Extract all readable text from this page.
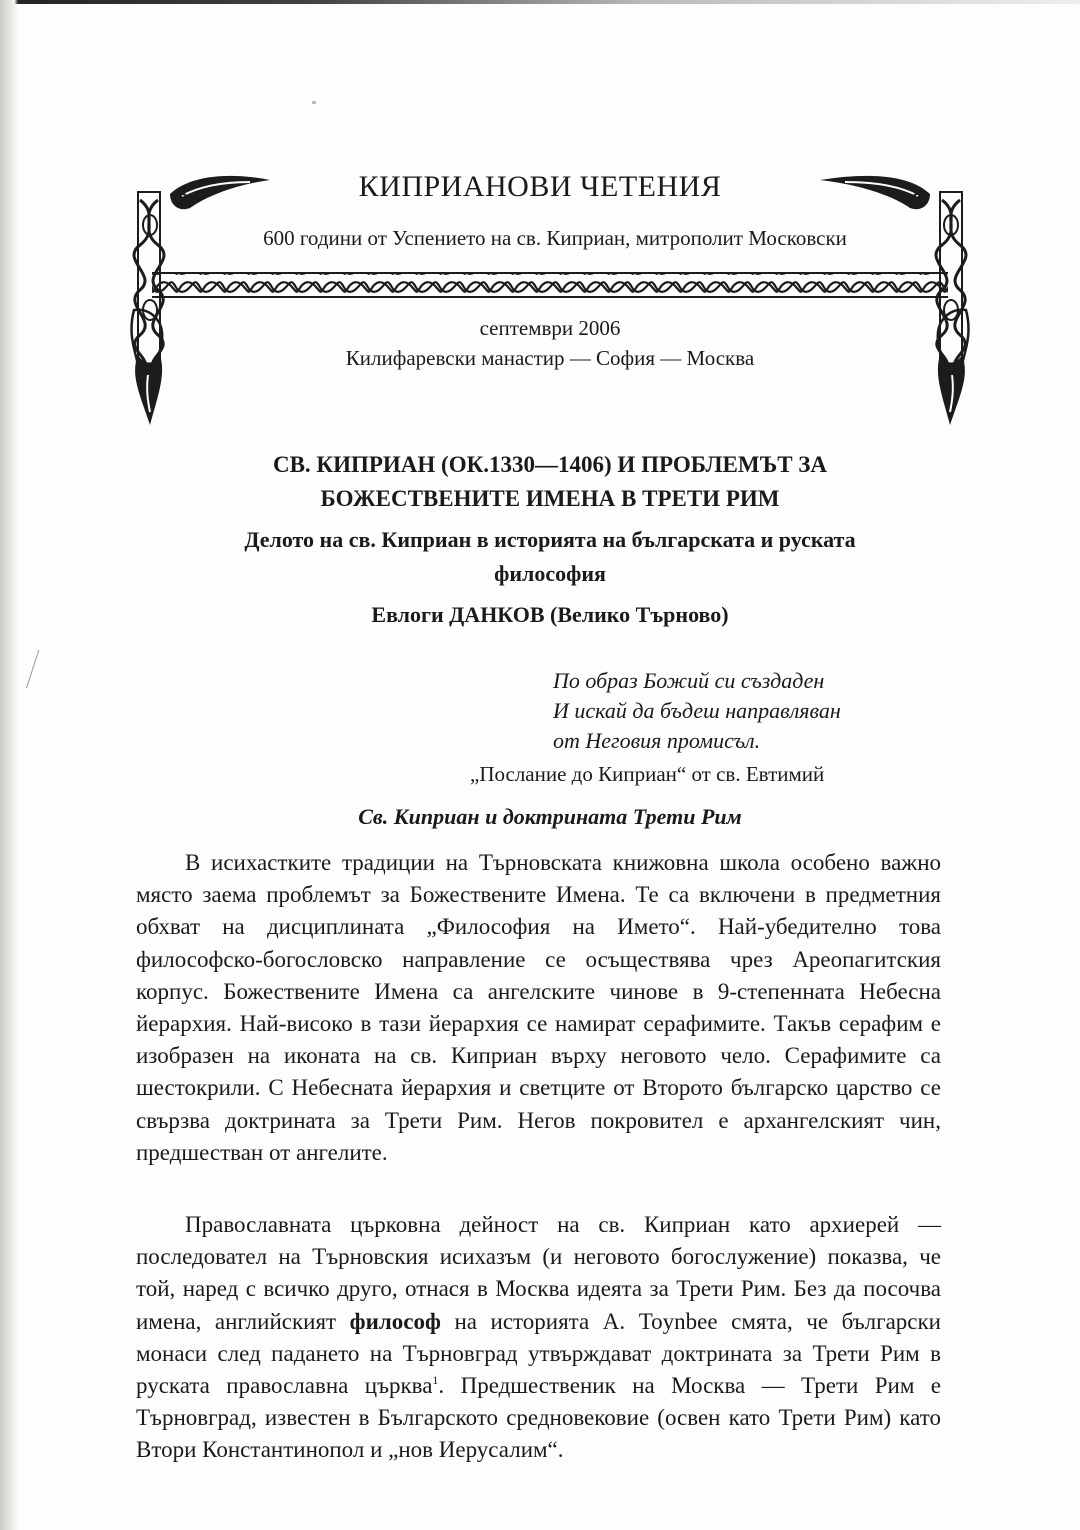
КИПРИАНОВИ ЧЕТЕНИЯ
600 години от Успението на св. Киприан, митрополит Московски
септември 2006
Килифаревски манастир — София — Москва
СВ. КИПРИАН (ОК.1330—1406) И ПРОБЛЕМЪТ ЗА
БОЖЕСТВЕНИТЕ ИМЕНА В ТРЕТИ РИМ
Делото на св. Киприан в историята на българската и руската
философия
Евлоги ДАНКОВ (Велико Търново)
По образ Божий си създаден
И искай да бъдеш направляван
от Неговия промисъл.
„Послание до Киприан“ от св. Евтимий
Св. Киприан и доктрината Трети Рим

В исихастките традиции на Търновската книжовна школа особено важно място заема проблемът за Божествените Имена. Те са включени в предметния обхват на дисциплината „Философия на Името“. Най-убедително това философско-богословско направление се осъществява чрез Ареопагитския корпус. Божествените Имена са ангелските чинове в 9-степенната Небесна йерархия. Най-високо в тази йерархия се намират серафимите. Такъв серафим е изобразен на иконата на св. Киприан върху неговото чело. Серафимите са шестокрили. С Небесната йерархия и светците от Второто българско царство се свързва доктрината за Трети Рим. Негов покровител е архангелският чин, предшестван от ангелите.

Православната църковна дейност на св. Киприан като архиерей — последовател на Търновския исихазъм (и неговото богослужение) показва, че той, наред с всичко друго, отнася в Москва идеята за Трети Рим. Без да посочва имена, английският философ на историята А. Toynbee смята, че български монаси след падането на Търновград утвърждават доктрината за Трети Рим в руската православна църква$^1$. Предшественик на Москва — Трети Рим е Търновград, известен в Българското средновековие (освен като Трети Рим) като Втори Константинопол и „нов Иерусалим“.
